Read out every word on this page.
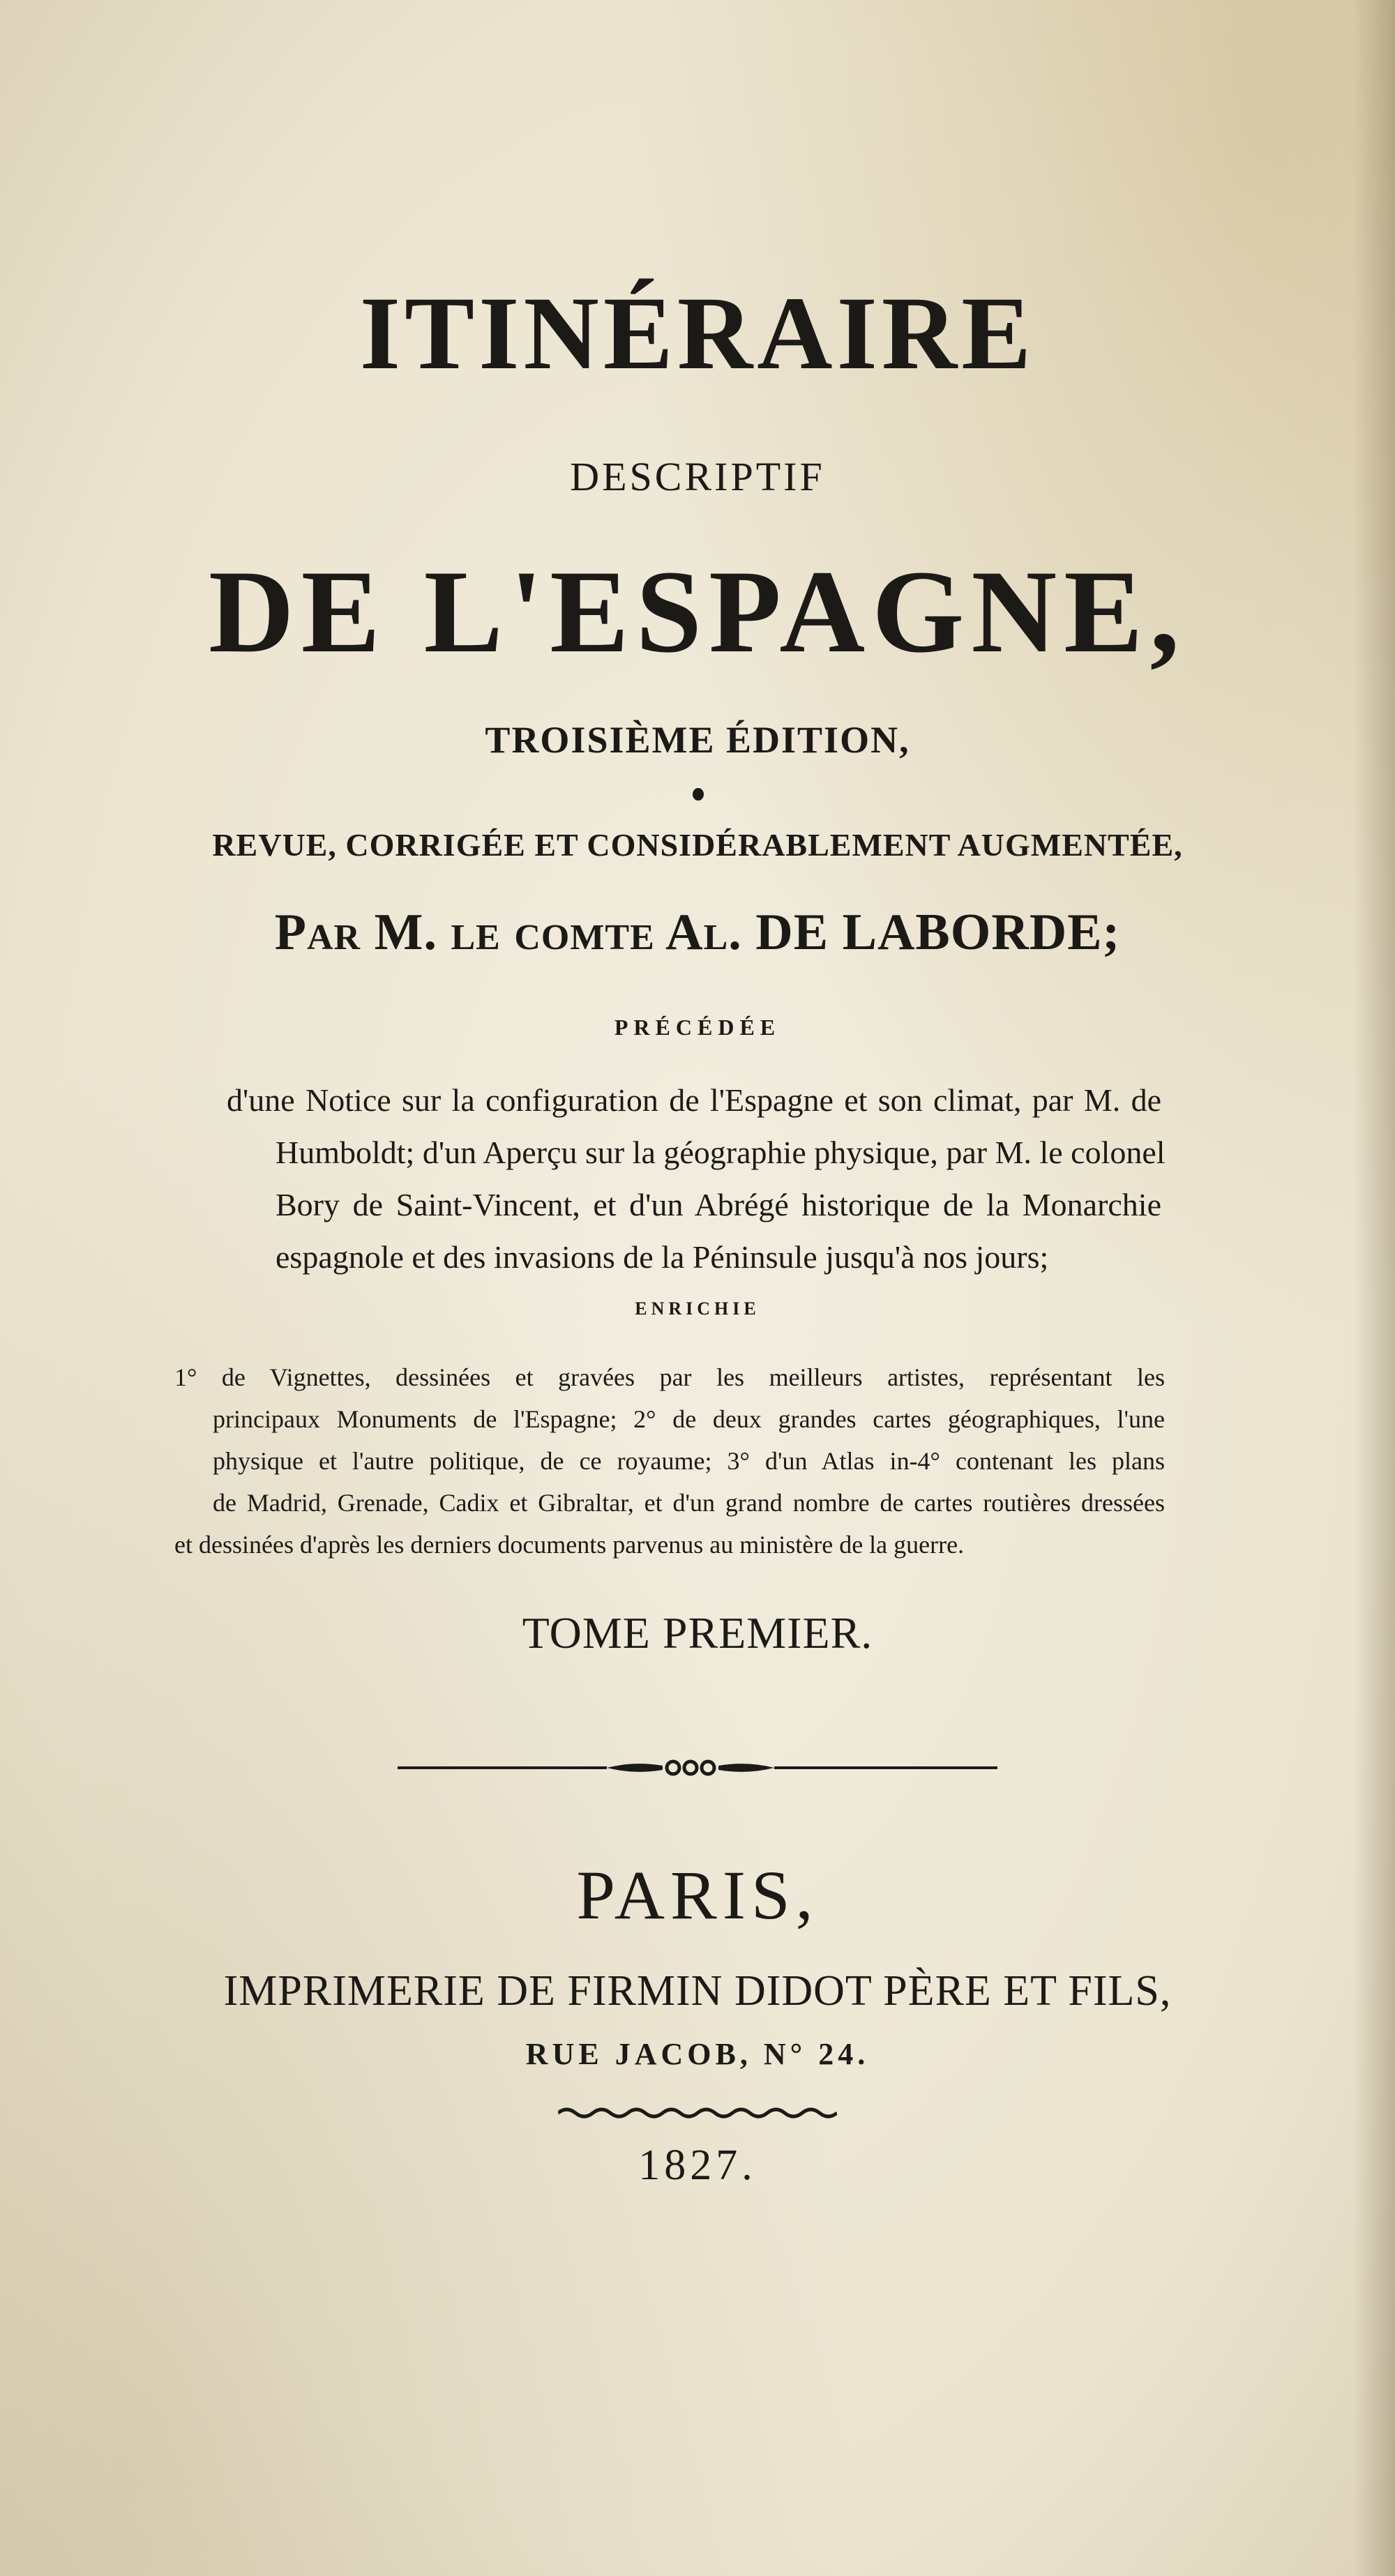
ITINÉRAIRE
DESCRIPTIF
DE L'ESPAGNE,
TROISIÈME ÉDITION,
REVUE, CORRIGÉE ET CONSIDÉRABLEMENT AUGMENTÉE,
Par M. le comte Al. DE LABORDE;
PRÉCÉDÉE
d'une Notice sur la configuration de l'Espagne et son climat, par M. de
Humboldt; d'un Aperçu sur la géographie physique, par M. le colonel
Bory de Saint-Vincent, et d'un Abrégé historique de la Monarchie
espagnole et des invasions de la Péninsule jusqu'à nos jours;
ENRICHIE
1° de Vignettes, dessinées et gravées par les meilleurs artistes, représentant les
principaux Monuments de l'Espagne; 2° de deux grandes cartes géographiques, l'une
physique et l'autre politique, de ce royaume; 3° d'un Atlas in-4° contenant les plans
de Madrid, Grenade, Cadix et Gibraltar, et d'un grand nombre de cartes routières dressées
et dessinées d'après les derniers documents parvenus au ministère de la guerre.
TOME PREMIER.
PARIS,
IMPRIMERIE DE FIRMIN DIDOT PÈRE ET FILS,
RUE JACOB, N° 24.
1827.
